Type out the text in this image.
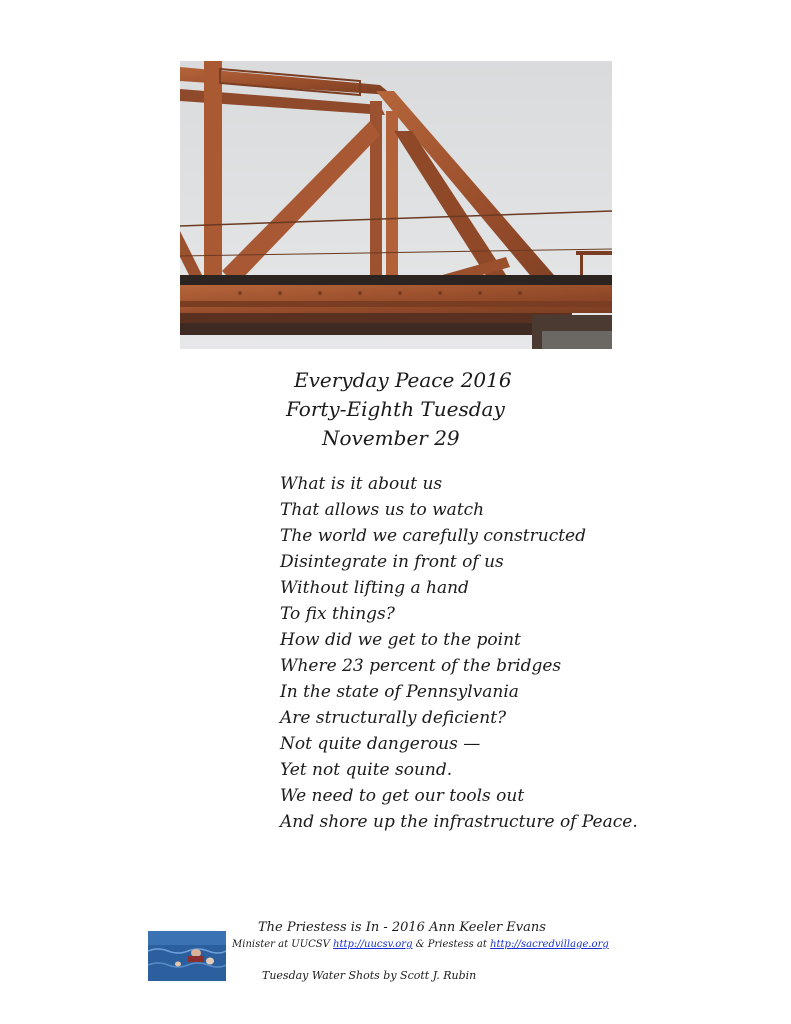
Everyday Peace 2016
Forty-Eighth Tuesday
November 29
What is it about us
That allows us to watch
The world we carefully constructed
Disintegrate in front of us
Without lifting a hand
To fix things?
How did we get to the point
Where 23 percent of the bridges
In the state of Pennsylvania
Are structurally deficient?
Not quite dangerous —
Yet not quite sound.
We need to get our tools out
And shore up the infrastructure of Peace.
The Priestess is In - 2016 Ann Keeler Evans
Minister at UUCSV http://uucsv.org & Priestess at http://sacredvillage.org
Tuesday Water Shots by Scott J. Rubin
